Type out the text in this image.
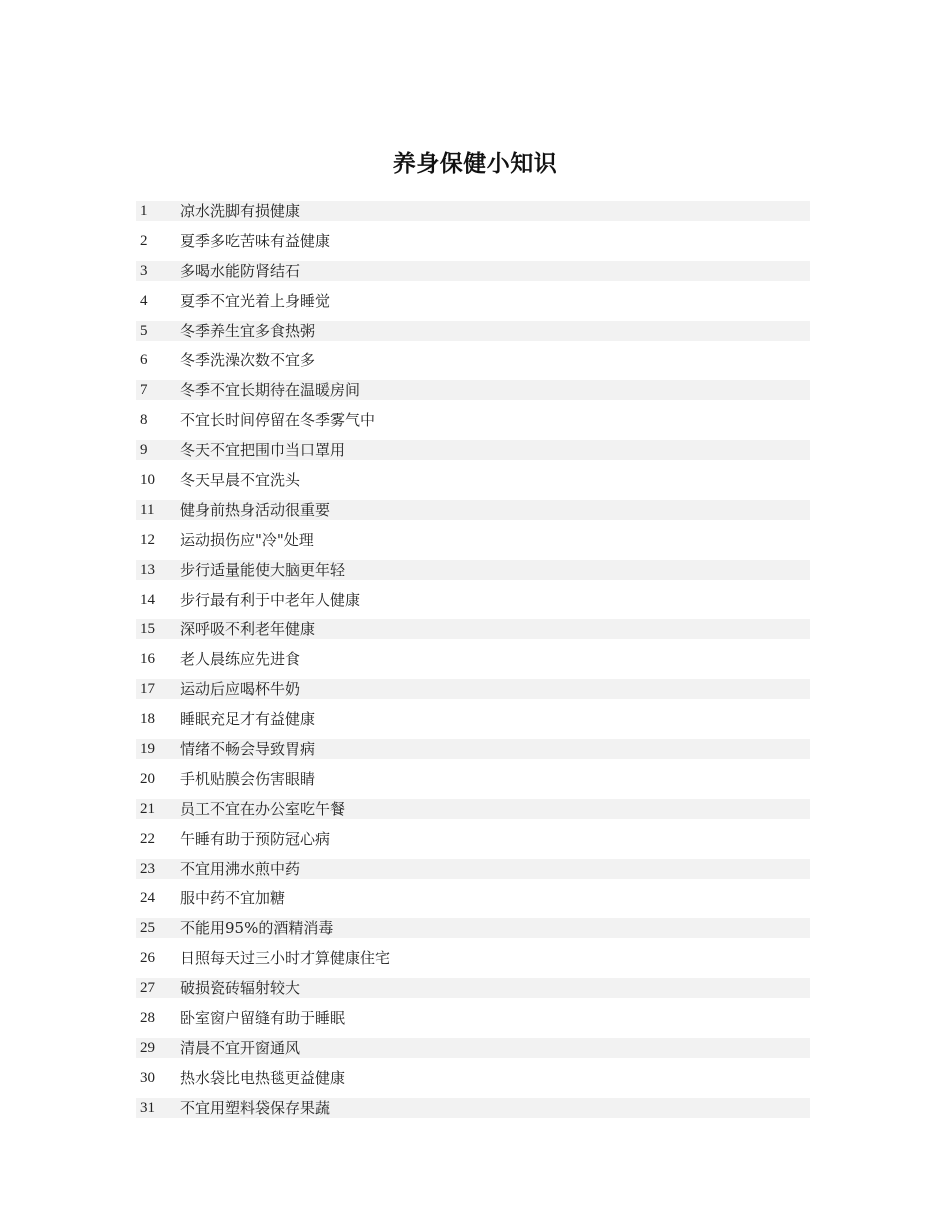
养身保健小知识
1	凉水洗脚有损健康
2	夏季多吃苦味有益健康
3	多喝水能防肾结石
4	夏季不宜光着上身睡觉
5	冬季养生宜多食热粥
6	冬季洗澡次数不宜多
7	冬季不宜长期待在温暖房间
8	不宜长时间停留在冬季雾气中
9	冬天不宜把围巾当口罩用
10	冬天早晨不宜洗头
11	健身前热身活动很重要
12	运动损伤应"冷"处理
13	步行适量能使大脑更年轻
14	步行最有利于中老年人健康
15	深呼吸不利老年健康
16	老人晨练应先进食
17	运动后应喝杯牛奶
18	睡眠充足才有益健康
19	情绪不畅会导致胃病
20	手机贴膜会伤害眼睛
21	员工不宜在办公室吃午餐
22	午睡有助于预防冠心病
23	不宜用沸水煎中药
24	服中药不宜加糖
25	不能用95%的酒精消毒
26	日照每天过三小时才算健康住宅
27	破损瓷砖辐射较大
28	卧室窗户留缝有助于睡眠
29	清晨不宜开窗通风
30	热水袋比电热毯更益健康
31	不宜用塑料袋保存果蔬
